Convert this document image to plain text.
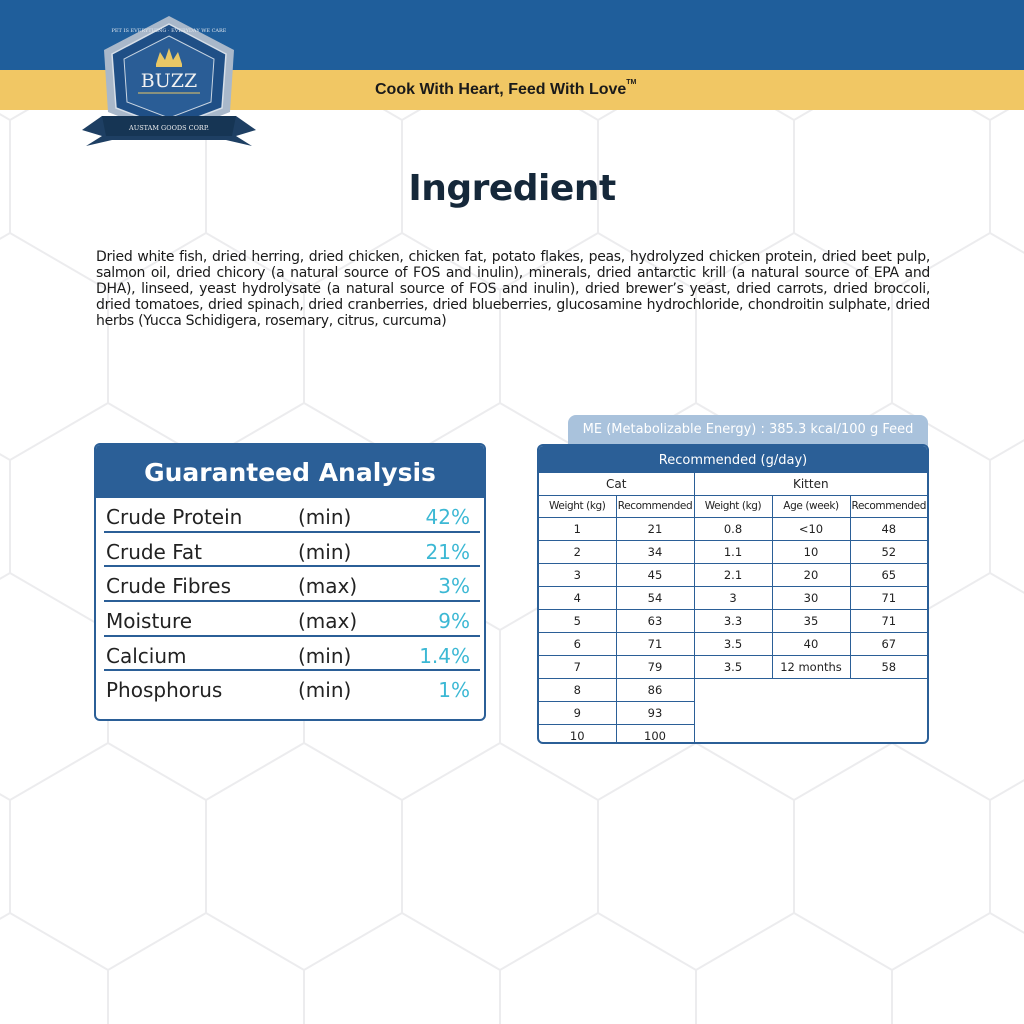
Cook With Heart, Feed With Love™
BUZZ
PET IS EVERYTHING · EVERYDAY WE CARE
AUSTAM GOODS CORP.
Ingredient
Dried white fish, dried herring, dried chicken, chicken fat, potato flakes, peas, hydrolyzed chicken protein, dried beet pulp, salmon oil, dried chicory (a natural source of FOS and inulin), minerals, dried antarctic krill (a natural source of EPA and DHA), linseed, yeast hydrolysate (a natural source of FOS and inulin), dried brewer’s yeast, dried carrots, dried broccoli, dried tomatoes, dried spinach, dried cranberries, dried blueberries, glucosamine hydrochloride, chondroitin sulphate, dried herbs (Yucca Schidigera, rosemary, citrus, curcuma)
Guaranteed Analysis
Crude Protein	(min)	42%
Crude Fat	(min)	21%
Crude Fibres	(max)	3%
Moisture	(max)	9%
Calcium	(min)	1.4%
Phosphorus	(min)	1%
ME (Metabolizable Energy) : 385.3 kcal/100 g Feed
Recommended (g/day)
Cat		Kitten		
Weight (kg)	Recommended	Weight (kg)	Age (week)	Recommended
1	21	0.8	<10	48
2	34	1.1	10	52
3	45	2.1	20	65
4	54	3	30	71
5	63	3.3	35	71
6	71	3.5	40	67
7	79	3.5	12 months	58
8	86			
9	93			
10	100			
